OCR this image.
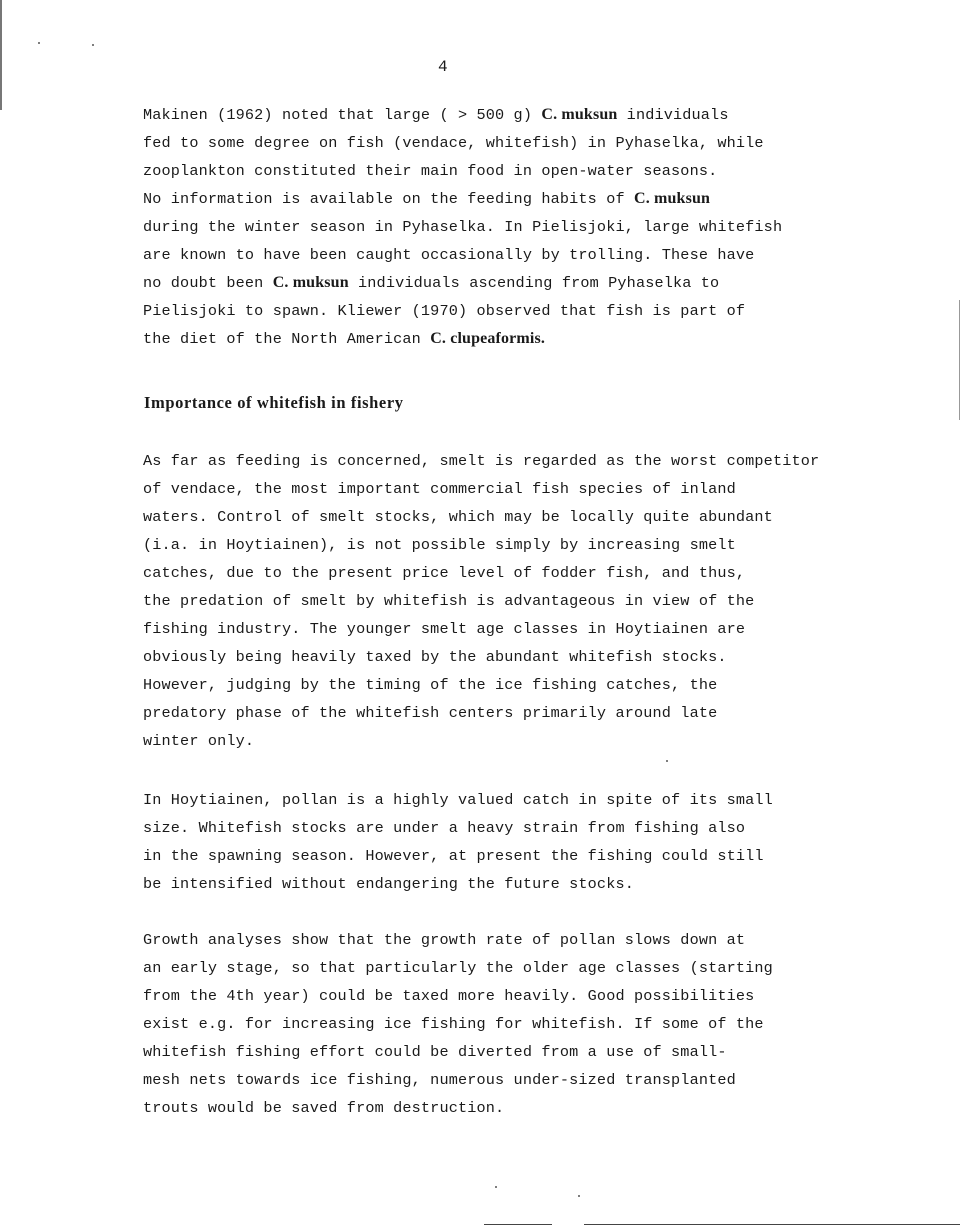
4
Makinen (1962) noted that large ( > 500 g) C. muksun individuals
fed to some degree on fish (vendace, whitefish) in Pyhaselka, while
zooplankton constituted their main food in open-water seasons.
No information is available on the feeding habits of C. muksun
during the winter season in Pyhaselka. In Pielisjoki, large whitefish
are known to have been caught occasionally by trolling. These have
no doubt been C. muksun individuals ascending from Pyhaselka to
Pielisjoki to spawn. Kliewer (1970) observed that fish is part of
the diet of the North American C. clupeaformis.
Importance of whitefish in fishery
As far as feeding is concerned, smelt is regarded as the worst competitor
of vendace, the most important commercial fish species of inland
waters. Control of smelt stocks, which may be locally quite abundant
(i.a. in Hoytiainen), is not possible simply by increasing smelt
catches, due to the present price level of fodder fish, and thus,
the predation of smelt by whitefish is advantageous in view of the
fishing industry. The younger smelt age classes in Hoytiainen are
obviously being heavily taxed by the abundant whitefish stocks.
However, judging by the timing of the ice fishing catches, the
predatory phase of the whitefish centers primarily around late
winter only.
In Hoytiainen, pollan is a highly valued catch in spite of its small
size. Whitefish stocks are under a heavy strain from fishing also
in the spawning season. However, at present the fishing could still
be intensified without endangering the future stocks.
Growth analyses show that the growth rate of pollan slows down at
an early stage, so that particularly the older age classes (starting
from the 4th year) could be taxed more heavily. Good possibilities
exist e.g. for increasing ice fishing for whitefish. If some of the
whitefish fishing effort could be diverted from a use of small-
mesh nets towards ice fishing, numerous under-sized transplanted
trouts would be saved from destruction.
